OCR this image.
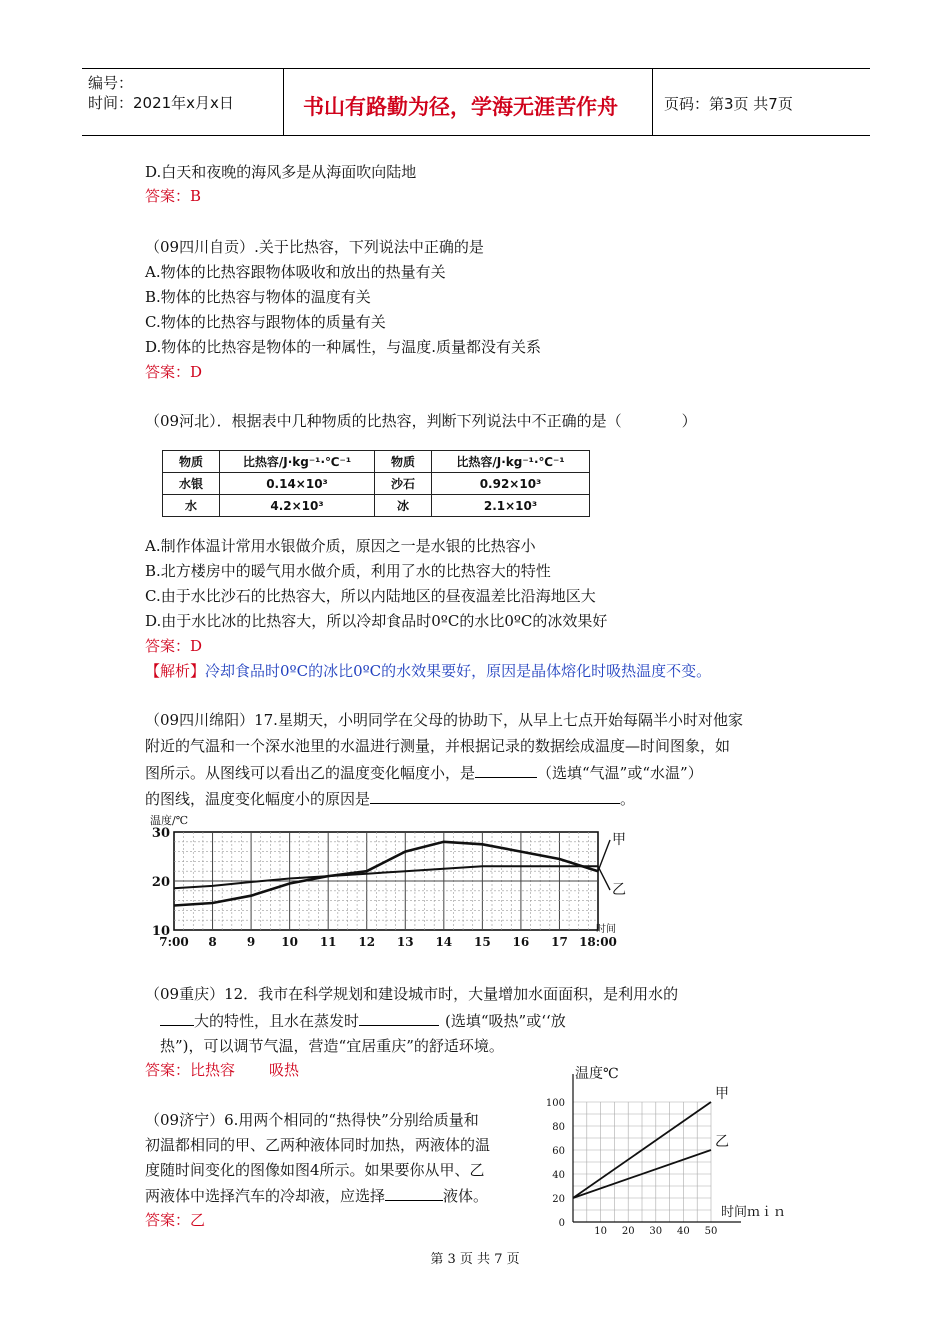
编号：
时间：2021年x月x日	书山有路勤为径，学海无涯苦作舟	页码：第3页 共7页
D.白天和夜晚的海风多是从海面吹向陆地
答案：B
（09四川自贡）.关于比热容，下列说法中正确的是
A.物体的比热容跟物体吸收和放出的热量有关
B.物体的比热容与物体的温度有关
C.物体的比热容与跟物体的质量有关
D.物体的比热容是物体的一种属性，与温度.质量都没有关系
答案：D
（09河北）．根据表中几种物质的比热容，判断下列说法中不正确的是（　　　　）
物质	比热容/J·kg⁻¹·℃⁻¹	物质	比热容/J·kg⁻¹·℃⁻¹
水银	0.14×10³	沙石	0.92×10³
水	4.2×10³	冰	2.1×10³
A.制作体温计常用水银做介质，原因之一是水银的比热容小
B.北方楼房中的暖气用水做介质，利用了水的比热容大的特性
C.由于水比沙石的比热容大，所以内陆地区的昼夜温差比沿海地区大
D.由于水比冰的比热容大，所以冷却食品时0ºC的水比0ºC的冰效果好
答案：D
【解析】冷却食品时0ºC的冰比0ºC的水效果要好，原因是晶体熔化时吸热温度不变。
（09四川绵阳）17.星期天，小明同学在父母的协助下，从早上七点开始每隔半小时对他家
附近的气温和一个深水池里的水温进行测量，并根据记录的数据绘成温度—时间图象，如
图所示。从图线可以看出乙的温度变化幅度小，是	（选填“气温”或“水温”）
的图线，温度变化幅度小的原因是	。
甲
乙
温度/℃
10
20
30
7:00 8	9 10 11 12 13 14 15 16 17 18:00
时间
（09重庆）12．我市在科学规划和建设城市时，大量增加水面面积，是利用水的
大的特性，且水在蒸发时	(选填“吸热”或‘‘放
热”)，可以调节气温，营造“宜居重庆”的舒适环境。
答案：比热容 吸热
（09济宁）6.用两个相同的“热得快”分别给质量和
初温都相同的甲、乙两种液体同时加热，两液体的温
度随时间变化的图像如图4所示。如果要你从甲、乙
两液体中选择汽车的冷却液，应选择	液体。
答案：乙
甲
乙
温度℃
0
20
40
60
80
100
10 20 30 40 50
时间ｍｉｎ
第 3 页 共 7 页
